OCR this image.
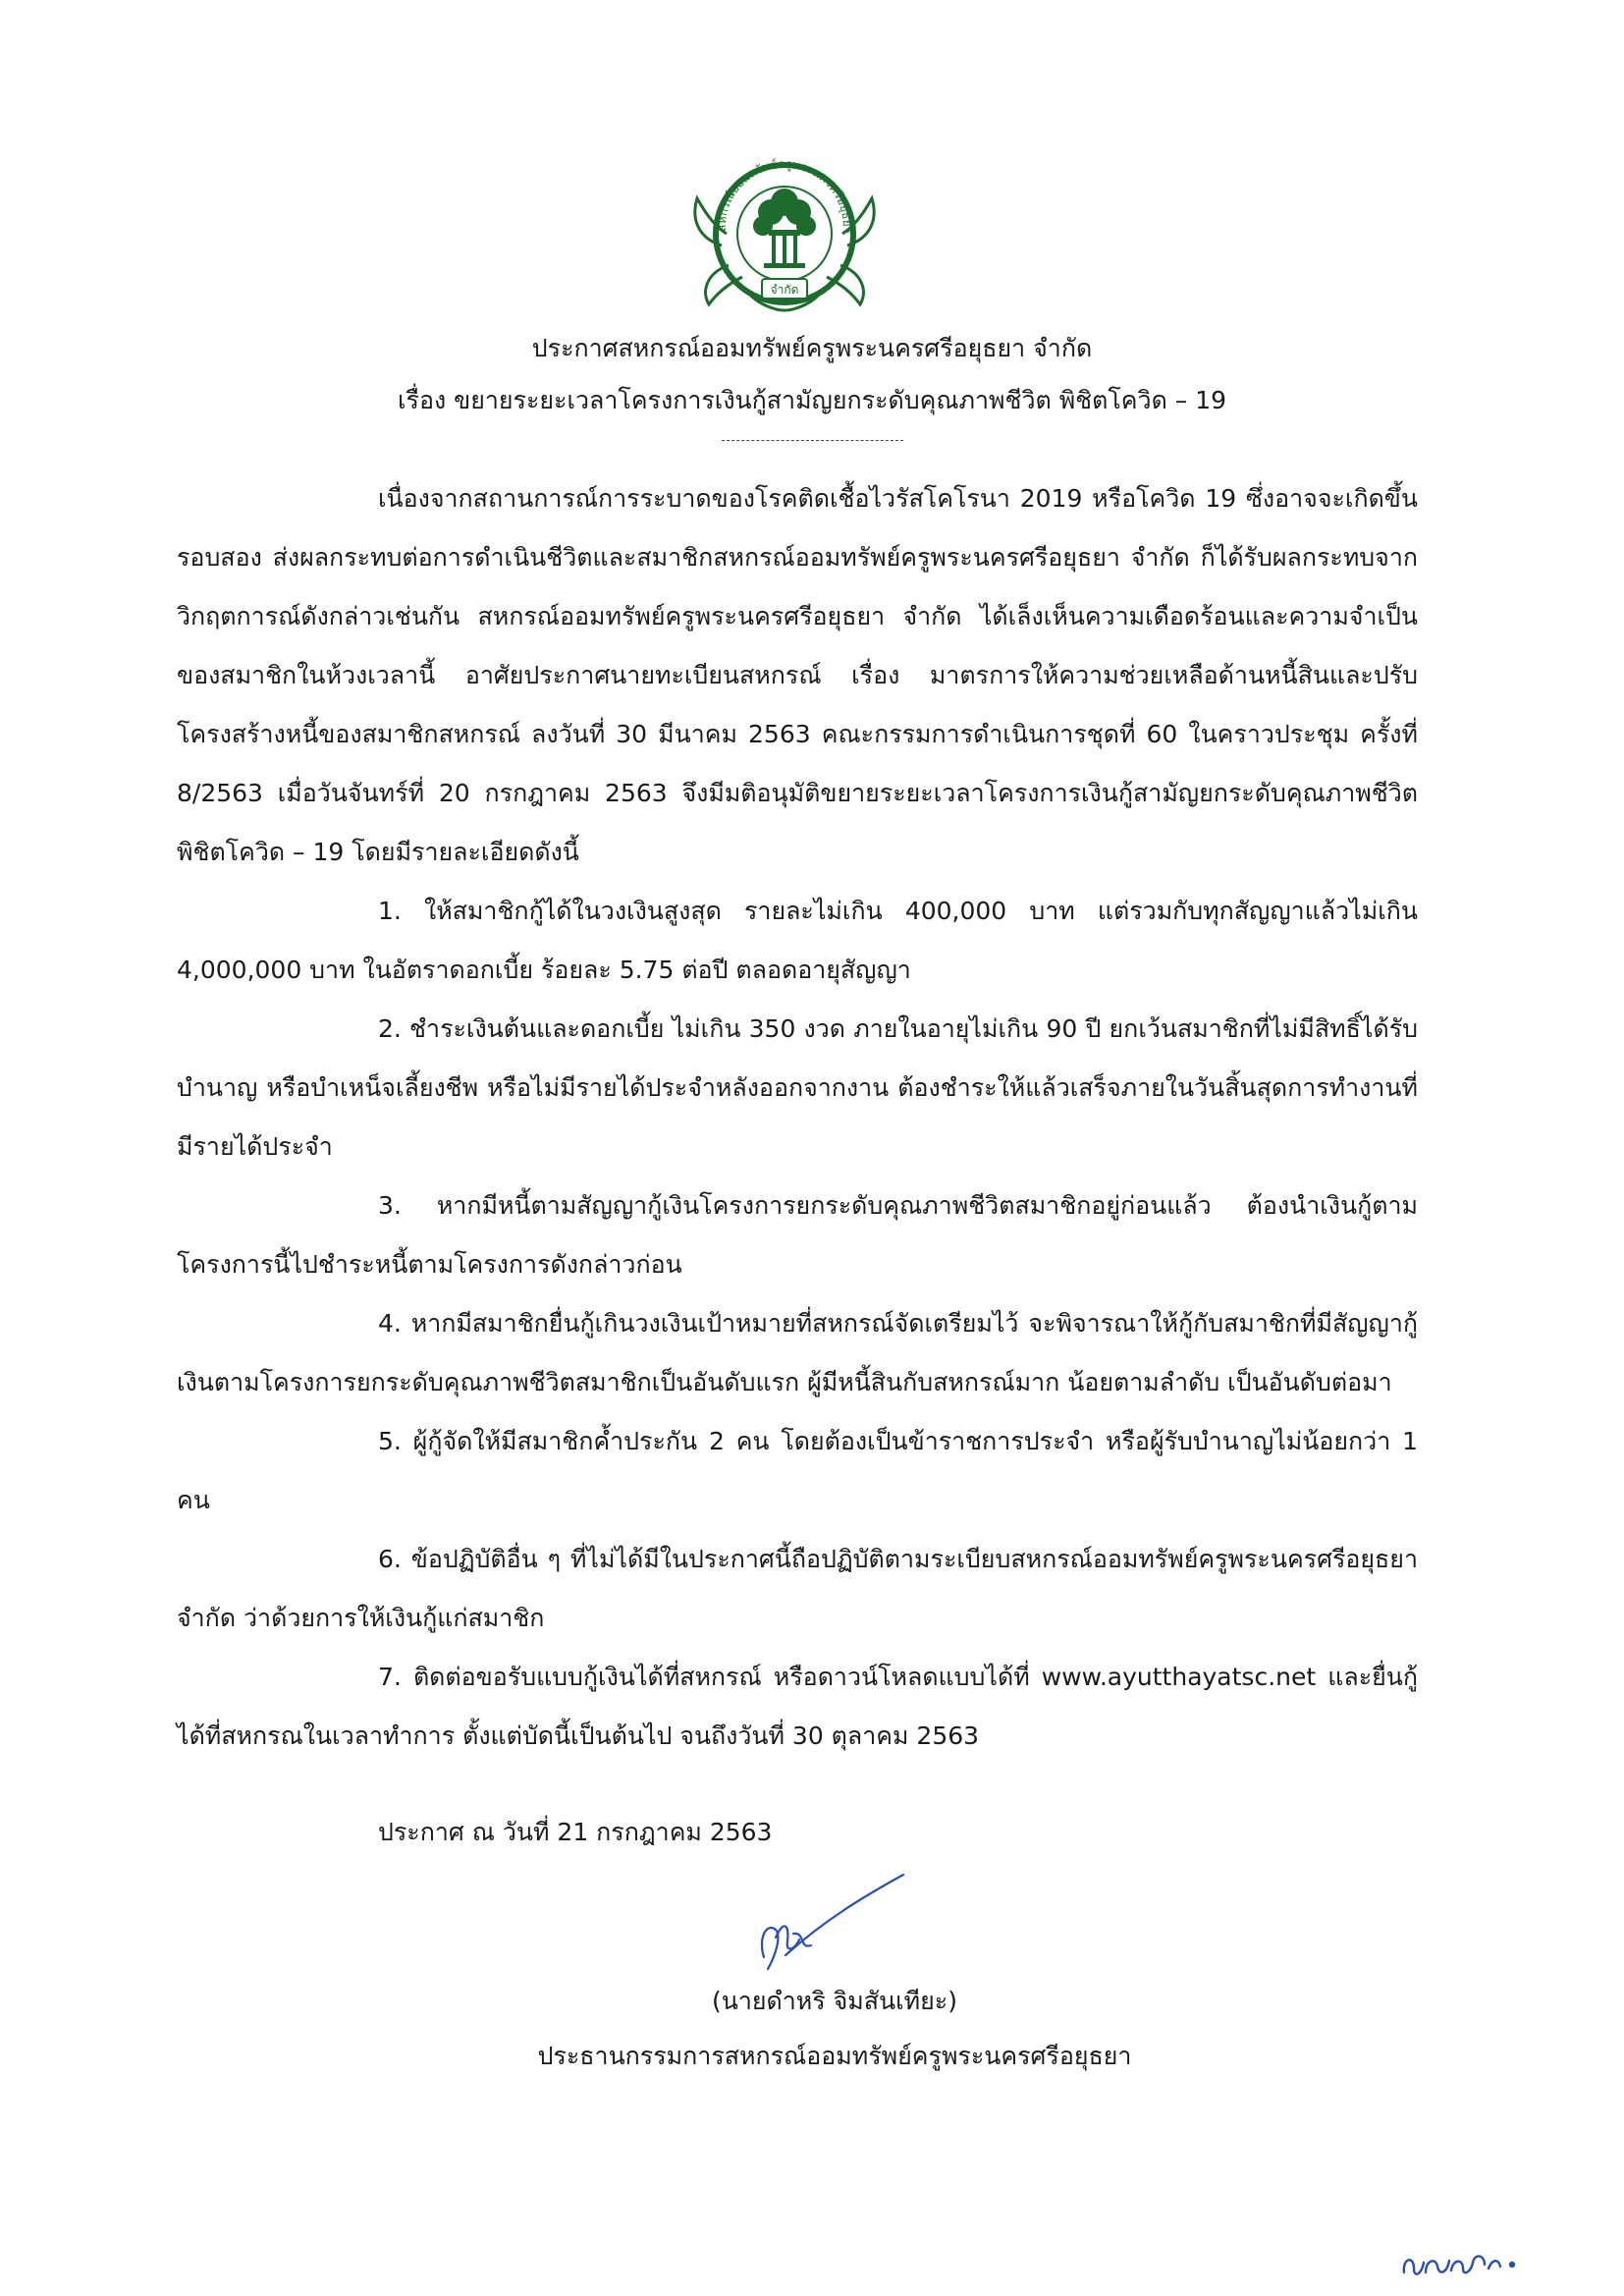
สหกรณ์ออมทรัพย์ครูพระนครศรีอยุธยา
จำกัด
ประกาศสหกรณ์ออมทรัพย์ครูพระนครศรีอยุธยา จำกัด
เรื่อง ขยายระยะเวลาโครงการเงินกู้สามัญยกระดับคุณภาพชีวิต พิชิตโควิด – 19

เนื่องจากสถานการณ์การระบาดของโรคติดเชื้อไวรัสโคโรนา 2019 หรือโควิด 19 ซึ่งอาจจะเกิดขึ้นรอบสอง ส่งผลกระทบต่อการดำเนินชีวิตและสมาชิกสหกรณ์ออมทรัพย์ครูพระนครศรีอยุธยา จำกัด ก็ได้รับผลกระทบจากวิกฤตการณ์ดังกล่าวเช่นกัน สหกรณ์ออมทรัพย์ครูพระนครศรีอยุธยา จำกัด ได้เล็งเห็นความเดือดร้อนและความจำเป็นของสมาชิกในห้วงเวลานี้ อาศัยประกาศนายทะเบียนสหกรณ์ เรื่อง มาตรการให้ความช่วยเหลือด้านหนี้สินและปรับโครงสร้างหนี้ของสมาชิกสหกรณ์ ลงวันที่ 30 มีนาคม 2563 คณะกรรมการดำเนินการชุดที่ 60 ในคราวประชุม ครั้งที่ 8/2563 เมื่อวันจันทร์ที่ 20 กรกฎาคม 2563 จึงมีมติอนุมัติขยายระยะเวลาโครงการเงินกู้สามัญยกระดับคุณภาพชีวิต พิชิตโควิด – 19 โดยมีรายละเอียดดังนี้

1. ให้สมาชิกกู้ได้ในวงเงินสูงสุด รายละไม่เกิน 400,000 บาท แต่รวมกับทุกสัญญาแล้วไม่เกิน 4,000,000 บาท ในอัตราดอกเบี้ย ร้อยละ 5.75 ต่อปี ตลอดอายุสัญญา

2. ชำระเงินต้นและดอกเบี้ย ไม่เกิน 350 งวด ภายในอายุไม่เกิน 90 ปี ยกเว้นสมาชิกที่ไม่มีสิทธิ์ได้รับบำนาญ หรือบำเหน็จเลี้ยงชีพ หรือไม่มีรายได้ประจำหลังออกจากงาน ต้องชำระให้แล้วเสร็จภายในวันสิ้นสุดการทำงานที่มีรายได้ประจำ

3. หากมีหนี้ตามสัญญากู้เงินโครงการยกระดับคุณภาพชีวิตสมาชิกอยู่ก่อนแล้ว ต้องนำเงินกู้ตามโครงการนี้ไปชำระหนี้ตามโครงการดังกล่าวก่อน

4. หากมีสมาชิกยื่นกู้เกินวงเงินเป้าหมายที่สหกรณ์จัดเตรียมไว้ จะพิจารณาให้กู้กับสมาชิกที่มีสัญญากู้เงินตามโครงการยกระดับคุณภาพชีวิตสมาชิกเป็นอันดับแรก ผู้มีหนี้สินกับสหกรณ์มาก น้อยตามลำดับ เป็นอันดับต่อมา

5. ผู้กู้จัดให้มีสมาชิกค้ำประกัน 2 คน โดยต้องเป็นข้าราชการประจำ หรือผู้รับบำนาญไม่น้อยกว่า 1 คน

6. ข้อปฏิบัติอื่น ๆ ที่ไม่ได้มีในประกาศนี้ถือปฏิบัติตามระเบียบสหกรณ์ออมทรัพย์ครูพระนครศรีอยุธยา จำกัด ว่าด้วยการให้เงินกู้แก่สมาชิก

7. ติดต่อขอรับแบบกู้เงินได้ที่สหกรณ์ หรือดาวน์โหลดแบบได้ที่ www.ayutthayatsc.net และยื่นกู้ได้ที่สหกรณในเวลาทำการ ตั้งแต่บัดนี้เป็นต้นไป จนถึงวันที่ 30 ตุลาคม 2563

ประกาศ ณ วันที่ 21 กรกฎาคม 2563
(นายดำหริ จิมสันเทียะ)
ประธานกรรมการสหกรณ์ออมทรัพย์ครูพระนครศรีอยุธยา
